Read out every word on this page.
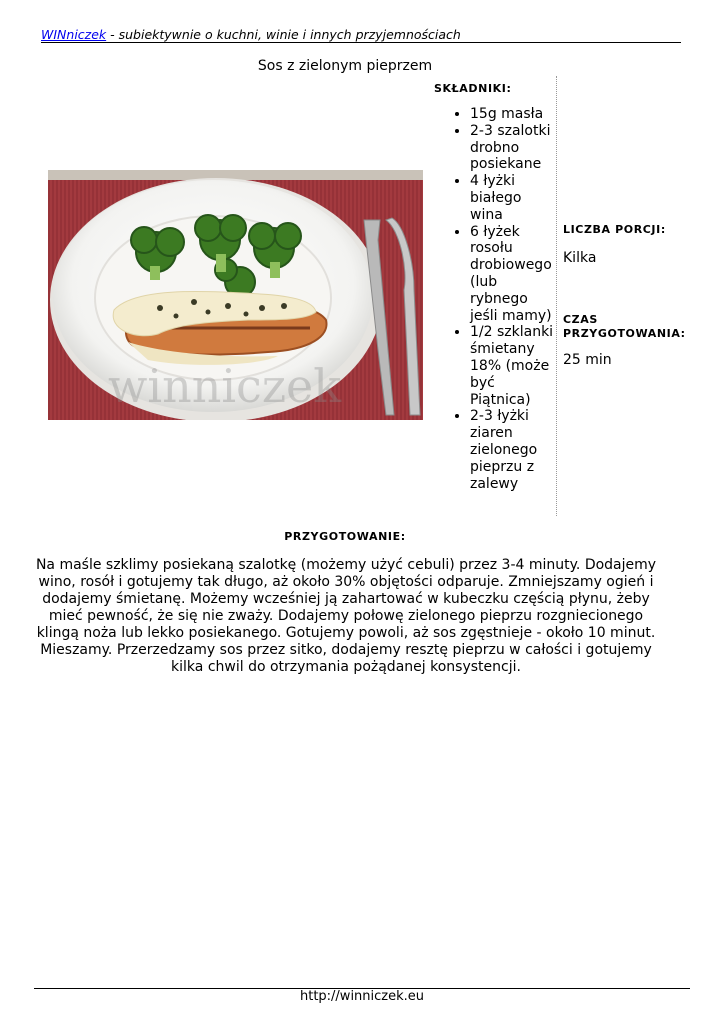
WINniczek - subiektywnie o kuchni, winie i innych przyjemnościach
Sos z zielonym pieprzem
winniczek
SKŁADNIKI:
• 15g masła
• 2-3 szalotki drobno posiekane
• 4 łyżki białego wina
• 6 łyżek rosołu drobiowego (lub rybnego jeśli mamy)
• 1/2 szklanki śmietany 18% (może być Piątnica)
• 2-3 łyżki ziaren zielonego pieprzu z zalewy
LICZBA PORCJI:
Kilka
CZAS PRZYGOTOWANIA:
25 min
PRZYGOTOWANIE:
Na maśle szklimy posiekaną szalotkę (możemy użyć cebuli) przez 3-4 minuty. Dodajemy wino, rosół i gotujemy tak długo, aż około 30% objętości odparuje. Zmniejszamy ogień i dodajemy śmietanę. Możemy wcześniej ją zahartować w kubeczku częścią płynu, żeby mieć pewność, że się nie zważy. Dodajemy połowę zielonego pieprzu rozgniecionego klingą noża lub lekko posiekanego. Gotujemy powoli, aż sos zgęstnieje - około 10 minut. Mieszamy. Przerzedzamy sos przez sitko, dodajemy resztę pieprzu w całości i gotujemy kilka chwil do otrzymania pożądanej konsystencji.
http://winniczek.eu
